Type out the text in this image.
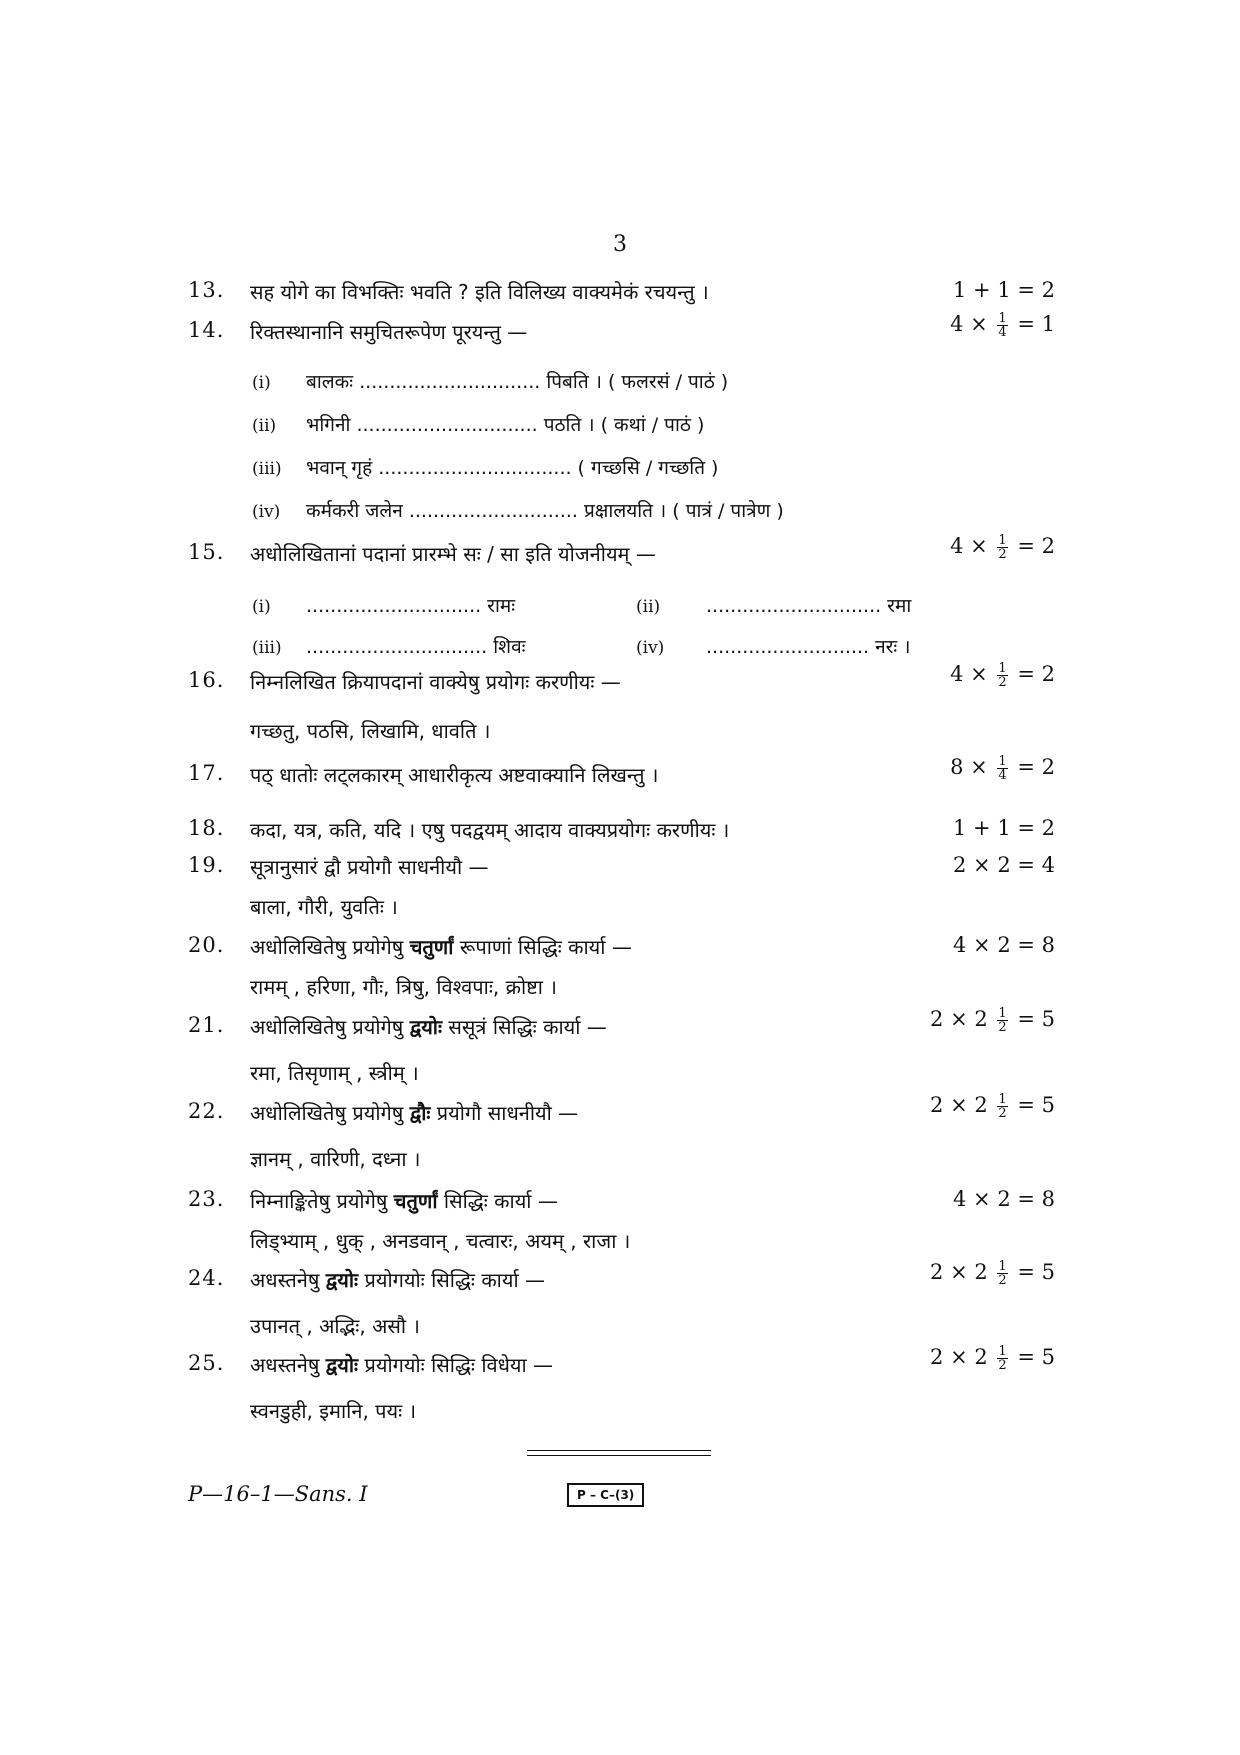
3
13. सह योगे का विभक्तिः भवति ? इति विलिख्य वाक्यमेकं रचयन्तु ।	1 + 1 = 2
14. रिक्तस्थानानि समुचितरूपेण पूरयन्तु —	$4 \times \frac{1}{4} = 1$
(i) बालकः .............................. पिबति । ( फलरसं / पाठं )
(ii) भगिनी .............................. पठति । ( कथां / पाठं )
(iii) भवान् गृहं ................................ ( गच्छसि / गच्छति )
(iv) कर्मकरी जलेन ............................ प्रक्षालयति । ( पात्रं / पात्रेण )
15. अधोलिखितानां पदानां प्रारम्भे सः / सा इति योजनीयम् —	$4 \times \frac{1}{2} = 2$
(i) ............................. रामः	(ii) ............................. रमा
(iii) .............................. शिवः	(iv) ........................... नरः ।
16. निम्नलिखित क्रियापदानां वाक्येषु प्रयोगः करणीयः —	$4 \times \frac{1}{2} = 2$
गच्छतु, पठसि, लिखामि, धावति ।
17. पठ् धातोः लट्लकारम् आधारीकृत्य अष्टवाक्यानि लिखन्तु ।	$8 \times \frac{1}{4} = 2$
18. कदा, यत्र, कति, यदि । एषु पदद्वयम् आदाय वाक्यप्रयोगः करणीयः ।	1 + 1 = 2
19. सूत्रानुसारं द्वौ प्रयोगौ साधनीयौ —	2 × 2 = 4
बाला, गौरी, युवतिः ।
20. अधोलिखितेषु प्रयोगेषु चतुर्णां रूपाणां सिद्धिः कार्या —	4 × 2 = 8
रामम् , हरिणा, गौः, त्रिषु, विश्वपाः, क्रोष्टा ।
21. अधोलिखितेषु प्रयोगेषु द्वयोः ससूत्रं सिद्धिः कार्या —	$2 \times 2 \frac{1}{2} = 5$
रमा, तिसृणाम् , स्त्रीम् ।
22. अधोलिखितेषु प्रयोगेषु द्वौः प्रयोगौ साधनीयौ —	$2 \times 2 \frac{1}{2} = 5$
ज्ञानम् , वारिणी, दध्ना ।
23. निम्नाङ्कितेषु प्रयोगेषु चतुर्णां सिद्धिः कार्या —	4 × 2 = 8
लिड्भ्याम् , धुक् , अनडवान् , चत्वारः, अयम् , राजा ।
24. अधस्तनेषु द्वयोः प्रयोगयोः सिद्धिः कार्या —	$2 \times 2 \frac{1}{2} = 5$
उपानत् , अद्भिः, असौ ।
25. अधस्तनेषु द्वयोः प्रयोगयोः सिद्धिः विधेया —	$2 \times 2 \frac{1}{2} = 5$
स्वनडुही, इमानि, पयः ।
P—16–1—Sans. I	P – C–(3)
